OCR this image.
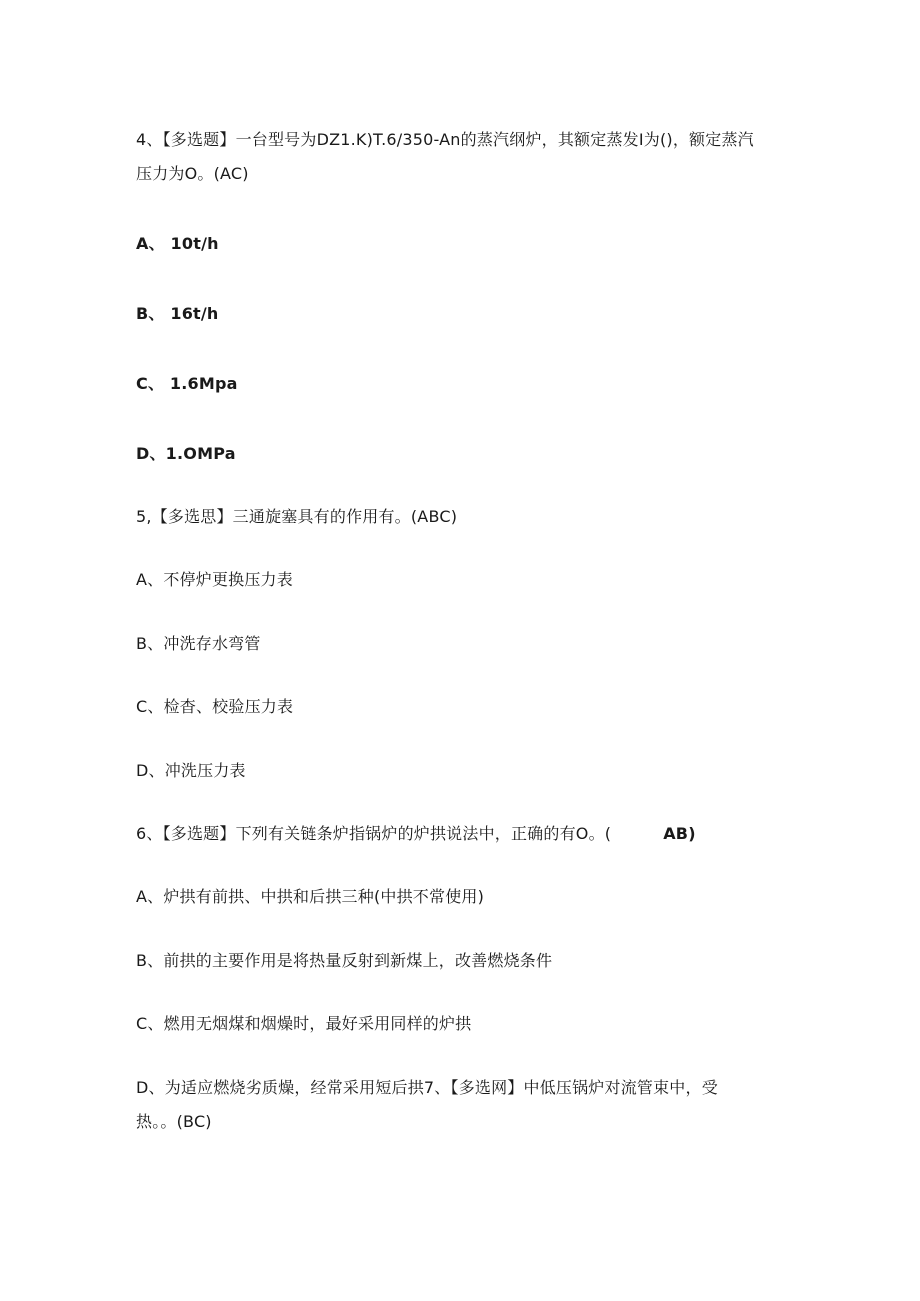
4、【多选题】一台型号为DZ1.K)T.6/350-An的蒸汽纲炉，其额定蒸发I为()，额定蒸汽
压力为O。(AC)
A、 10t/h
B、 16t/h
C、 1.6Mpa
D、1.OMPa
5,【多选思】三通旋塞具有的作用有。(ABC)
A、不停炉更换压力表
B、冲洗存水弯管
C、检杳、校验压力表
D、冲洗压力表
6、【多选题】下列有关链条炉指锅炉的炉拱说法中，正确的有O。(	AB)
A、炉拱有前拱、中拱和后拱三种(中拱不常使用)
B、前拱的主要作用是将热量反射到新煤上，改善燃烧条件
C、燃用无烟煤和烟燥时，最好采用同样的炉拱
D、为适应燃烧劣质燥，经常采用短后拱7、【多选网】中低压锅炉对流管束中，受
热。。(BC)
